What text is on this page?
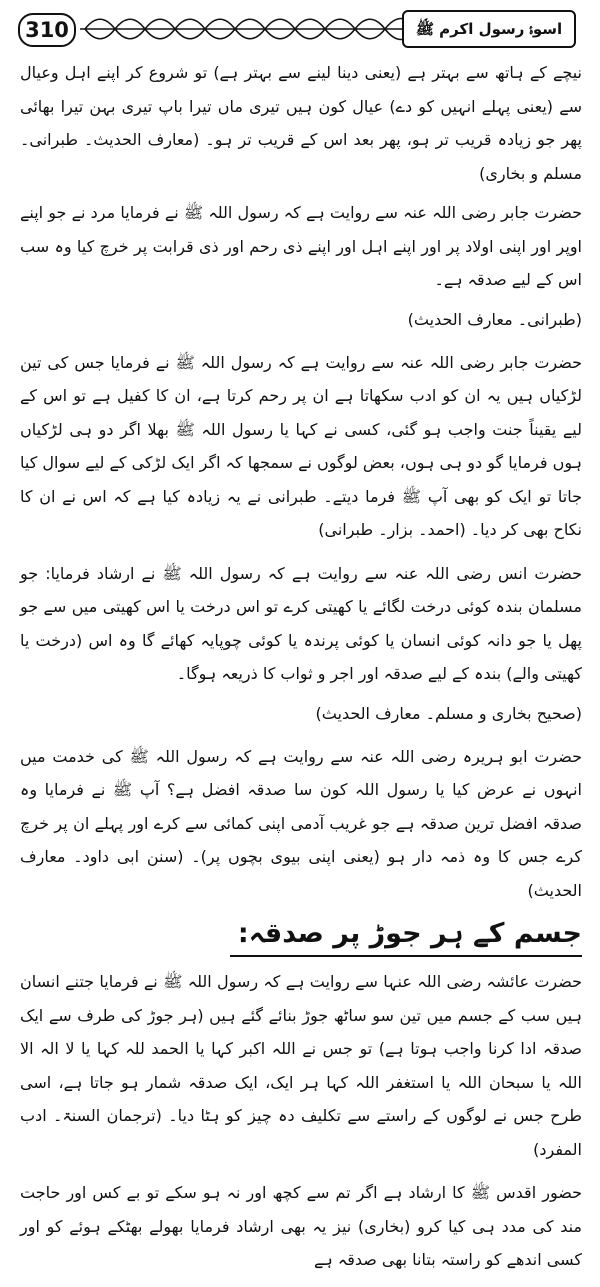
310	اسوۂ رسول اکرم ﷺ

نیچے کے ہاتھ سے بہتر ہے (یعنی دینا لینے سے بہتر ہے) تو شروع کر اپنے اہل وعیال سے (یعنی پہلے انہیں کو دے) عیال کون ہیں تیری ماں تیرا باپ تیری بہن تیرا بھائی پھر جو زیادہ قریب تر ہو، پھر بعد اس کے قریب تر ہو۔ (معارف الحدیث۔ طبرانی۔ مسلم و بخاری)

حضرت جابر رضی اللہ عنہ سے روایت ہے کہ رسول اللہ ﷺ نے فرمایا مرد نے جو اپنے اوپر اور اپنی اولاد پر اور اپنے اہل اور اپنے ذی رحم اور ذی قرابت پر خرچ کیا وہ سب اس کے لیے صدقہ ہے۔

(طبرانی۔ معارف الحدیث)

حضرت جابر رضی اللہ عنہ سے روایت ہے کہ رسول اللہ ﷺ نے فرمایا جس کی تین لڑکیاں ہیں یہ ان کو ادب سکھاتا ہے ان پر رحم کرتا ہے، ان کا کفیل ہے تو اس کے لیے یقیناً جنت واجب ہو گئی، کسی نے کہا یا رسول اللہ ﷺ بھلا اگر دو ہی لڑکیاں ہوں فرمایا گو دو ہی ہوں، بعض لوگوں نے سمجھا کہ اگر ایک لڑکی کے لیے سوال کیا جاتا تو ایک کو بھی آپ ﷺ فرما دیتے۔ طبرانی نے یہ زیادہ کیا ہے کہ اس نے ان کا نکاح بھی کر دیا۔ (احمد۔ بزار۔ طبرانی)

حضرت انس رضی اللہ عنہ سے روایت ہے کہ رسول اللہ ﷺ نے ارشاد فرمایا: جو مسلمان بندہ کوئی درخت لگائے یا کھیتی کرے تو اس درخت یا اس کھیتی میں سے جو پھل یا جو دانہ کوئی انسان یا کوئی پرندہ یا کوئی چوپایہ کھائے گا وہ اس (درخت یا کھیتی والے) بندہ کے لیے صدقہ اور اجر و ثواب کا ذریعہ ہوگا۔

(صحیح بخاری و مسلم۔ معارف الحدیث)

حضرت ابو ہریرہ رضی اللہ عنہ سے روایت ہے کہ رسول اللہ ﷺ کی خدمت میں انہوں نے عرض کیا یا رسول اللہ کون سا صدقہ افضل ہے؟ آپ ﷺ نے فرمایا وہ صدقہ افضل ترین صدقہ ہے جو غریب آدمی اپنی کمائی سے کرے اور پہلے ان پر خرچ کرے جس کا وہ ذمہ دار ہو (یعنی اپنی بیوی بچوں پر)۔ (سنن ابی داود۔ معارف الحدیث)

جسم کے ہر جوڑ پر صدقہ:

حضرت عائشہ رضی اللہ عنہا سے روایت ہے کہ رسول اللہ ﷺ نے فرمایا جتنے انسان ہیں سب کے جسم میں تین سو ساٹھ جوڑ بنائے گئے ہیں (ہر جوڑ کی طرف سے ایک صدقہ ادا کرنا واجب ہوتا ہے) تو جس نے اللہ اکبر کہا یا الحمد للہ کہا یا لا الہ الا اللہ یا سبحان اللہ یا استغفر اللہ کہا ہر ایک، ایک صدقہ شمار ہو جاتا ہے، اسی طرح جس نے لوگوں کے راستے سے تکلیف دہ چیز کو ہٹا دیا۔ (ترجمان السنۃ۔ ادب المفرد)

حضور اقدس ﷺ کا ارشاد ہے اگر تم سے کچھ اور نہ ہو سکے تو بے کس اور حاجت مند کی مدد ہی کیا کرو (بخاری) نیز یہ بھی ارشاد فرمایا بھولے بھٹکے ہوئے کو اور کسی اندھے کو راستہ بتانا بھی صدقہ ہے
